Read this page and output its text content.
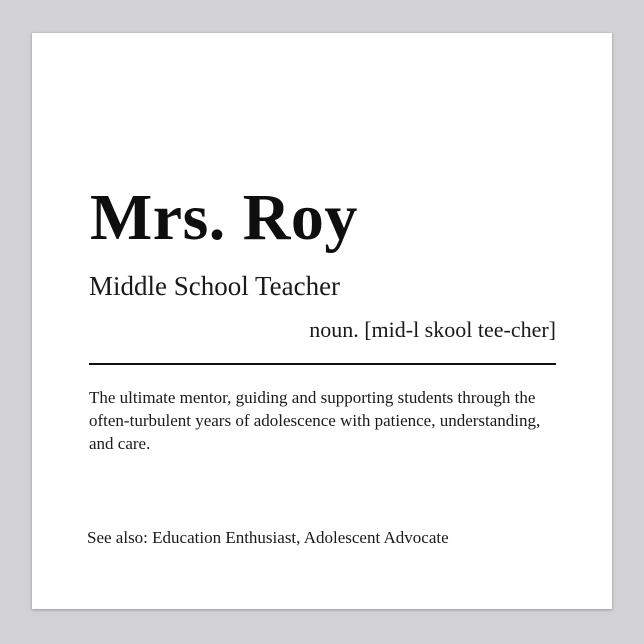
Mrs. Roy
Middle School Teacher
noun. [mid-l skool tee-cher]
The ultimate mentor, guiding and supporting students through the often-turbulent years of adolescence with patience, understanding, and care.
See also: Education Enthusiast, Adolescent Advocate
